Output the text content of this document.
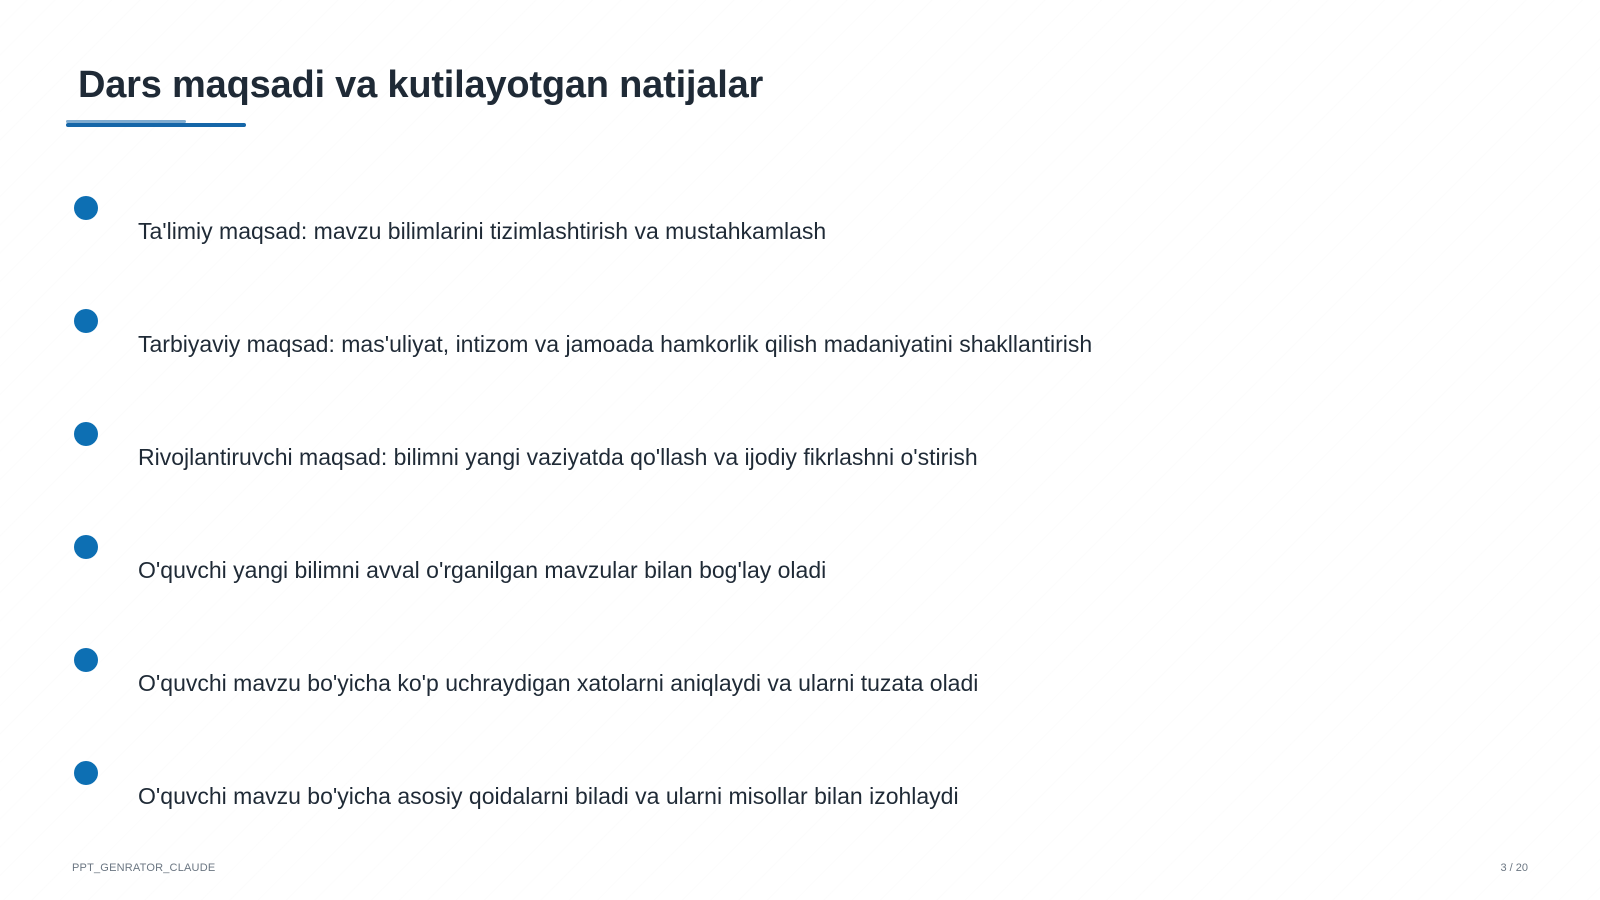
Dars maqsadi va kutilayotgan natijalar
Ta'limiy maqsad: mavzu bilimlarini tizimlashtirish va mustahkamlash
Tarbiyaviy maqsad: mas'uliyat, intizom va jamoada hamkorlik qilish madaniyatini shakllantirish
Rivojlantiruvchi maqsad: bilimni yangi vaziyatda qo'llash va ijodiy fikrlashni o'stirish
O'quvchi yangi bilimni avval o'rganilgan mavzular bilan bog'lay oladi
O'quvchi mavzu bo'yicha ko'p uchraydigan xatolarni aniqlaydi va ularni tuzata oladi
O'quvchi mavzu bo'yicha asosiy qoidalarni biladi va ularni misollar bilan izohlaydi
PPT_GENRATOR_CLAUDE	3 / 20
